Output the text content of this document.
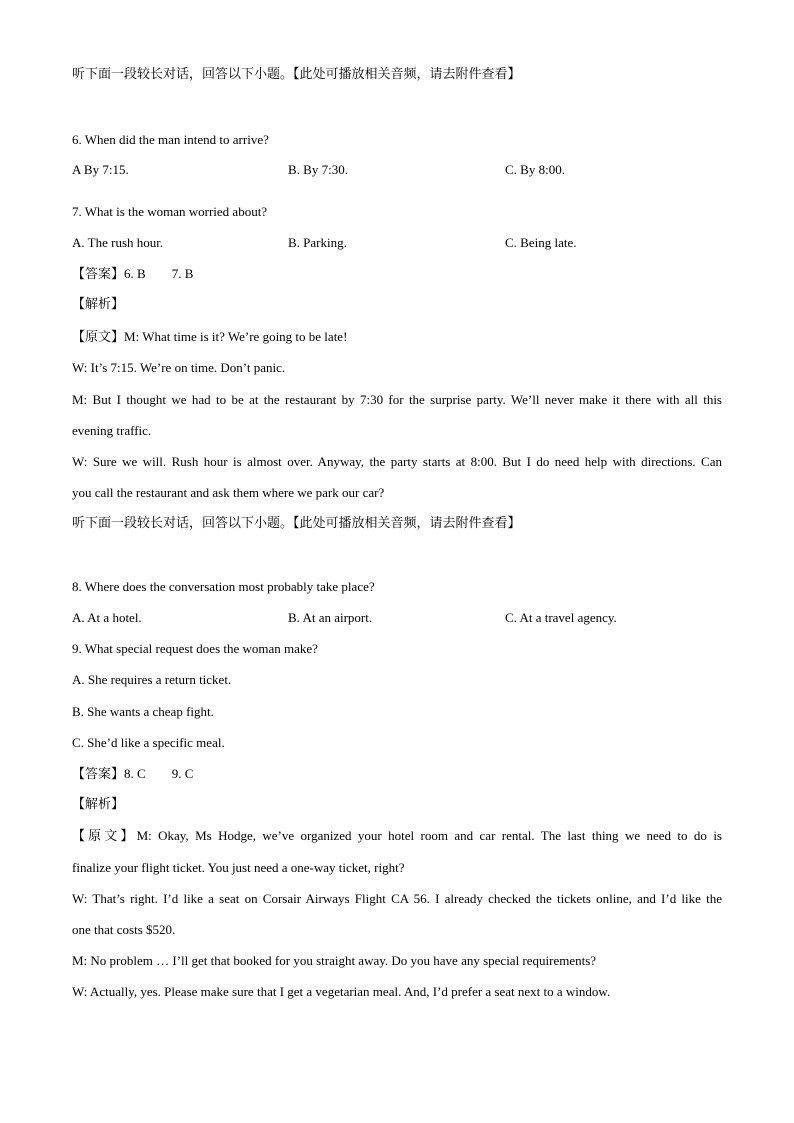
听下面一段较长对话，回答以下小题。【此处可播放相关音频，请去附件查看】
6. When did the man intend to arrive?
A By 7:15.	B. By 7:30.	C. By 8:00.
7. What is the woman worried about?
A. The rush hour.	B. Parking.	C. Being late.
【答案】6. B 7. B
【解析】
【原文】M: What time is it? We’re going to be late!
W: It’s 7:15. We’re on time. Don’t panic.
M: But I thought we had to be at the restaurant by 7:30 for the surprise party. We’ll never make it there with all this
evening traffic.
W: Sure we will. Rush hour is almost over. Anyway, the party starts at 8:00. But I do need help with directions. Can
you call the restaurant and ask them where we park our car?
听下面一段较长对话，回答以下小题。【此处可播放相关音频，请去附件查看】
8. Where does the conversation most probably take place?
A. At a hotel.	B. At an airport.	C. At a travel agency.
9. What special request does the woman make?
A. She requires a return ticket.
B. She wants a cheap fight.
C. She’d like a specific meal.
【答案】8. C 9. C
【解析】
【原文】M: Okay, Ms Hodge, we’ve organized your hotel room and car rental. The last thing we need to do is
finalize your flight ticket. You just need a one-way ticket, right?
W: That’s right. I’d like a seat on Corsair Airways Flight CA 56. I already checked the tickets online, and I’d like the
one that costs $520.
M: No problem … I’ll get that booked for you straight away. Do you have any special requirements?
W: Actually, yes. Please make sure that I get a vegetarian meal. And, I’d prefer a seat next to a window.
